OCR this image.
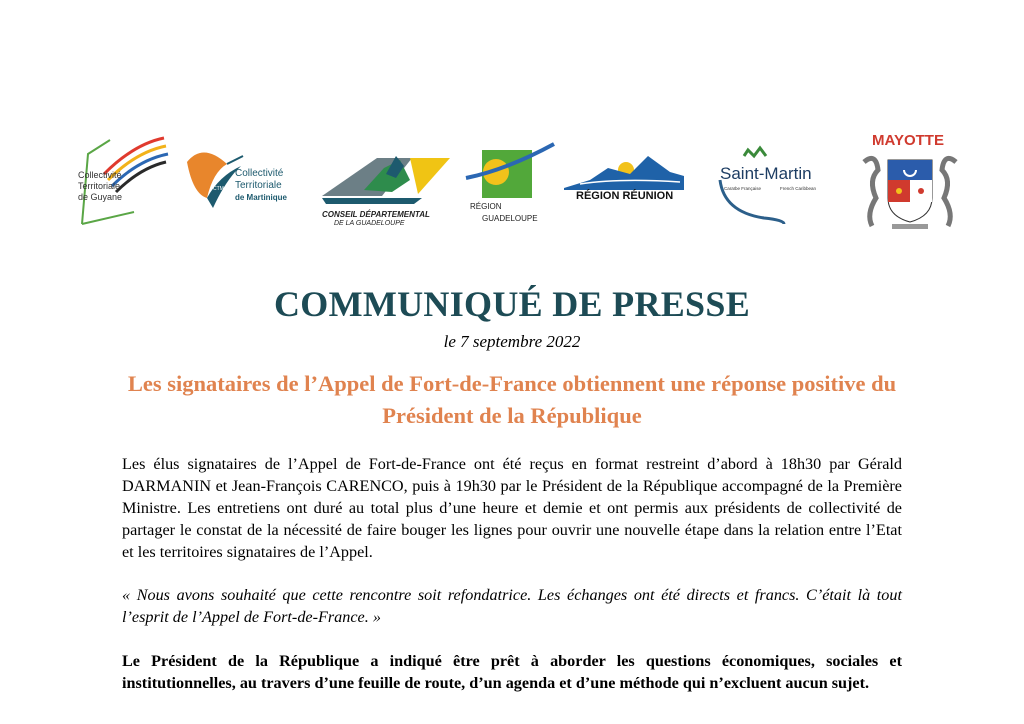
Collectivité
Territoriale
de Guyane
CTM
Collectivité
Territoriale
de Martinique
CONSEIL DÉPARTEMENTAL
DE LA GUADELOUPE
RÉGION
GUADELOUPE
RÉGION RÉUNION
Saint-Martin
Caraïbe Française	French Caribbean
MAYOTTE
COMMUNIQUÉ DE PRESSE
le 7 septembre 2022
Les signataires de l’Appel de Fort-de-France obtiennent une réponse positive du Président de la République
Les élus signataires de l’Appel de Fort-de-France ont été reçus en format restreint d’abord à 18h30 par Gérald DARMANIN et Jean-François CARENCO, puis à 19h30 par le Président de la République accompagné de la Première Ministre. Les entretiens ont duré au total plus d’une heure et demie et ont permis aux présidents de collectivité de partager le constat de la nécessité de faire bouger les lignes pour ouvrir une nouvelle étape dans la relation entre l’Etat et les territoires signataires de l’Appel.
« Nous avons souhaité que cette rencontre soit refondatrice. Les échanges ont été directs et francs. C’était là tout l’esprit de l’Appel de Fort-de-France. »
Le Président de la République a indiqué être prêt à aborder les questions économiques, sociales et institutionnelles, au travers d’une feuille de route, d’un agenda et d’une méthode qui n’excluent aucun sujet.
